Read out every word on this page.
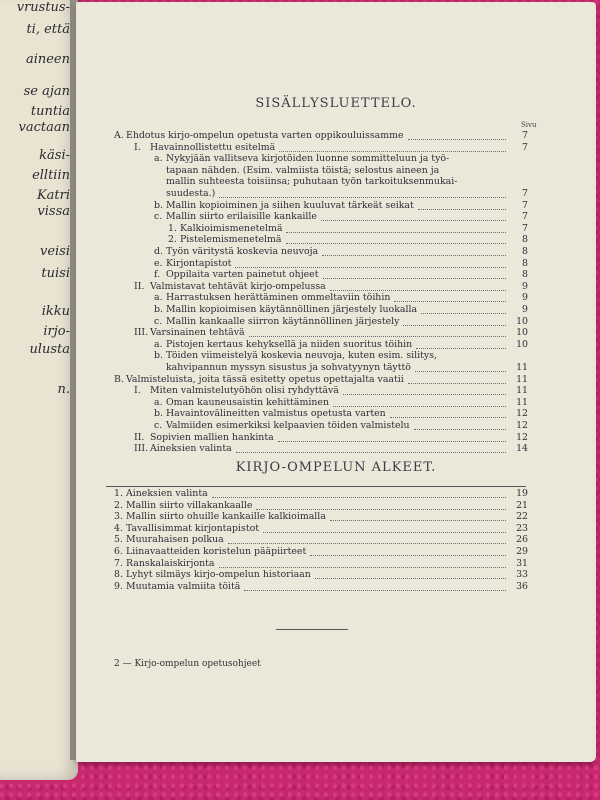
vrustus-
ti, että
aineen
se ajan
tuntia
vactaan
käsi-
elltiin
Katri
vissa
veisi
tuisi
ikku
irjo-
ulusta
n.
SISÄLLYSLUETTELO.
Sivu
KIRJO-OMPELUN ALKEET.
2 — Kirjo-ompelun opetusohjeet
A. Ehdotus kirjo-ompelun opetusta varten oppikouluissamme	7
I. Havainnollistettu esitelmä	7
a. Nykyjään vallitseva kirjotöiden luonne sommitteluun ja työ-
tapaan nähden. (Esim. valmiista töistä; selostus aineen ja
mallin suhteesta toisiinsa; puhutaan työn tarkoituksenmukai-
suudesta.)	7
b. Mallin kopioiminen ja siihen kuuluvat tärkeät seikat	7
c. Mallin siirto erilaisille kankaille	7
1. Kalkioimismenetelmä	7
2. Pistelemismenetelmä	8
d. Työn väritystä koskevia neuvoja	8
e. Kirjontapistot	8
f. Oppilaita varten painetut ohjeet	8
II. Valmistavat tehtävät kirjo-ompelussa	9
a. Harrastuksen herättäminen ommeltaviin töihin	9
b. Mallin kopioimisen käytännöllinen järjestely luokalla	9
c. Mallin kankaalle siirron käytännöllinen järjestely	10
III. Varsinainen tehtävä	10
a. Pistojen kertaus kehyksellä ja niiden suoritus töihin	10
b. Töiden viimeistelyä koskevia neuvoja, kuten esim. silitys,
kahvipannun myssyn sisustus ja sohvatyynyn täyttö	11
B. Valmisteluista, joita tässä esitetty opetus opettajalta vaatii	11
I. Miten valmistelutyöhön olisi ryhdyttävä	11
a. Oman kauneusaistin kehittäminen	11
b. Havaintovälineitten valmistus opetusta varten	12
c. Valmiiden esimerkiksi kelpaavien töiden valmistelu	12
II. Sopivien mallien hankinta	12
III. Aineksien valinta	14
1. Aineksien valinta	19
2. Mallin siirto villakankaalle	21
3. Mallin siirto ohuille kankaille kalkioimalla	22
4. Tavallisimmat kirjontapistot	23
5. Muurahaisen polkua	26
6. Liinavaatteiden koristelun pääpiirteet	29
7. Ranskalaiskirjonta	31
8. Lyhyt silmäys kirjo-ompelun historiaan	33
9. Muutamia valmiita töitä	36
